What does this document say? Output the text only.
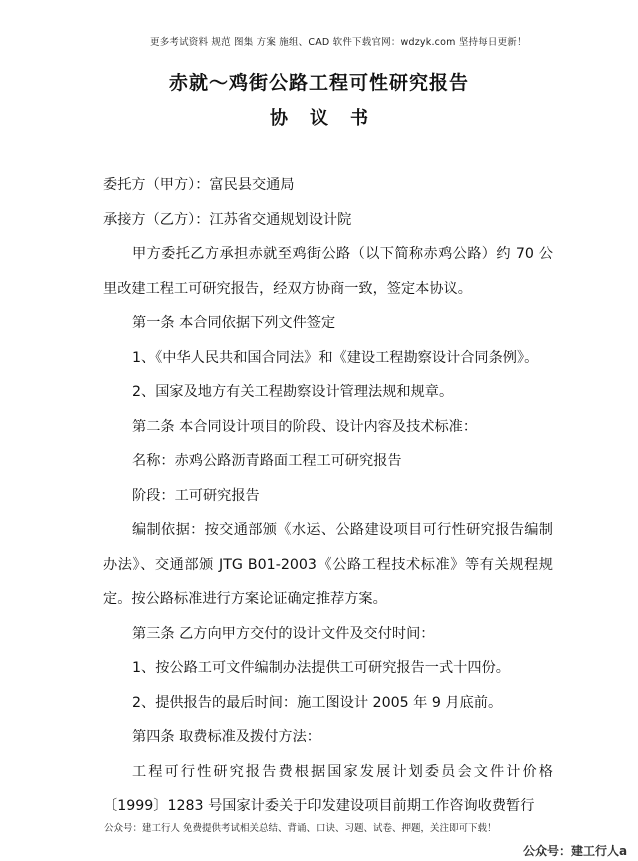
更多考试资料 规范 图集 方案 施组、CAD 软件下载官网：wdzyk.com 坚持每日更新！
赤就～鸡街公路工程可性研究报告
协议书

委托方（甲方）：富民县交通局

承接方（乙方）：江苏省交通规划设计院

甲方委托乙方承担赤就至鸡街公路（以下简称赤鸡公路）约 70 公里改建工程工可研究报告，经双方协商一致，签定本协议。

第一条 本合同依据下列文件签定

1、《中华人民共和国合同法》和《建设工程勘察设计合同条例》。

2、国家及地方有关工程勘察设计管理法规和规章。

第二条 本合同设计项目的阶段、设计内容及技术标准：

名称：赤鸡公路沥青路面工程工可研究报告

阶段：工可研究报告

编制依据：按交通部颁《水运、公路建设项目可行性研究报告编制办法》、交通部颁 JTG B01-2003《公路工程技术标准》等有关规程规定。按公路标准进行方案论证确定推荐方案。

第三条 乙方向甲方交付的设计文件及交付时间：

1、按公路工可文件编制办法提供工可研究报告一式十四份。

2、提供报告的最后时间：施工图设计 2005 年 9 月底前。

第四条 取费标准及拨付方法：

工程可行性研究报告费根据国家发展计划委员会文件计价格〔1999〕1283 号国家计委关于印发建设项目前期工作咨询收费暂行

公众号：建工行人 免费提供考试相关总结、背诵、口诀、习题、试卷、押题，关注即可下载！
公众号：建工行人a
